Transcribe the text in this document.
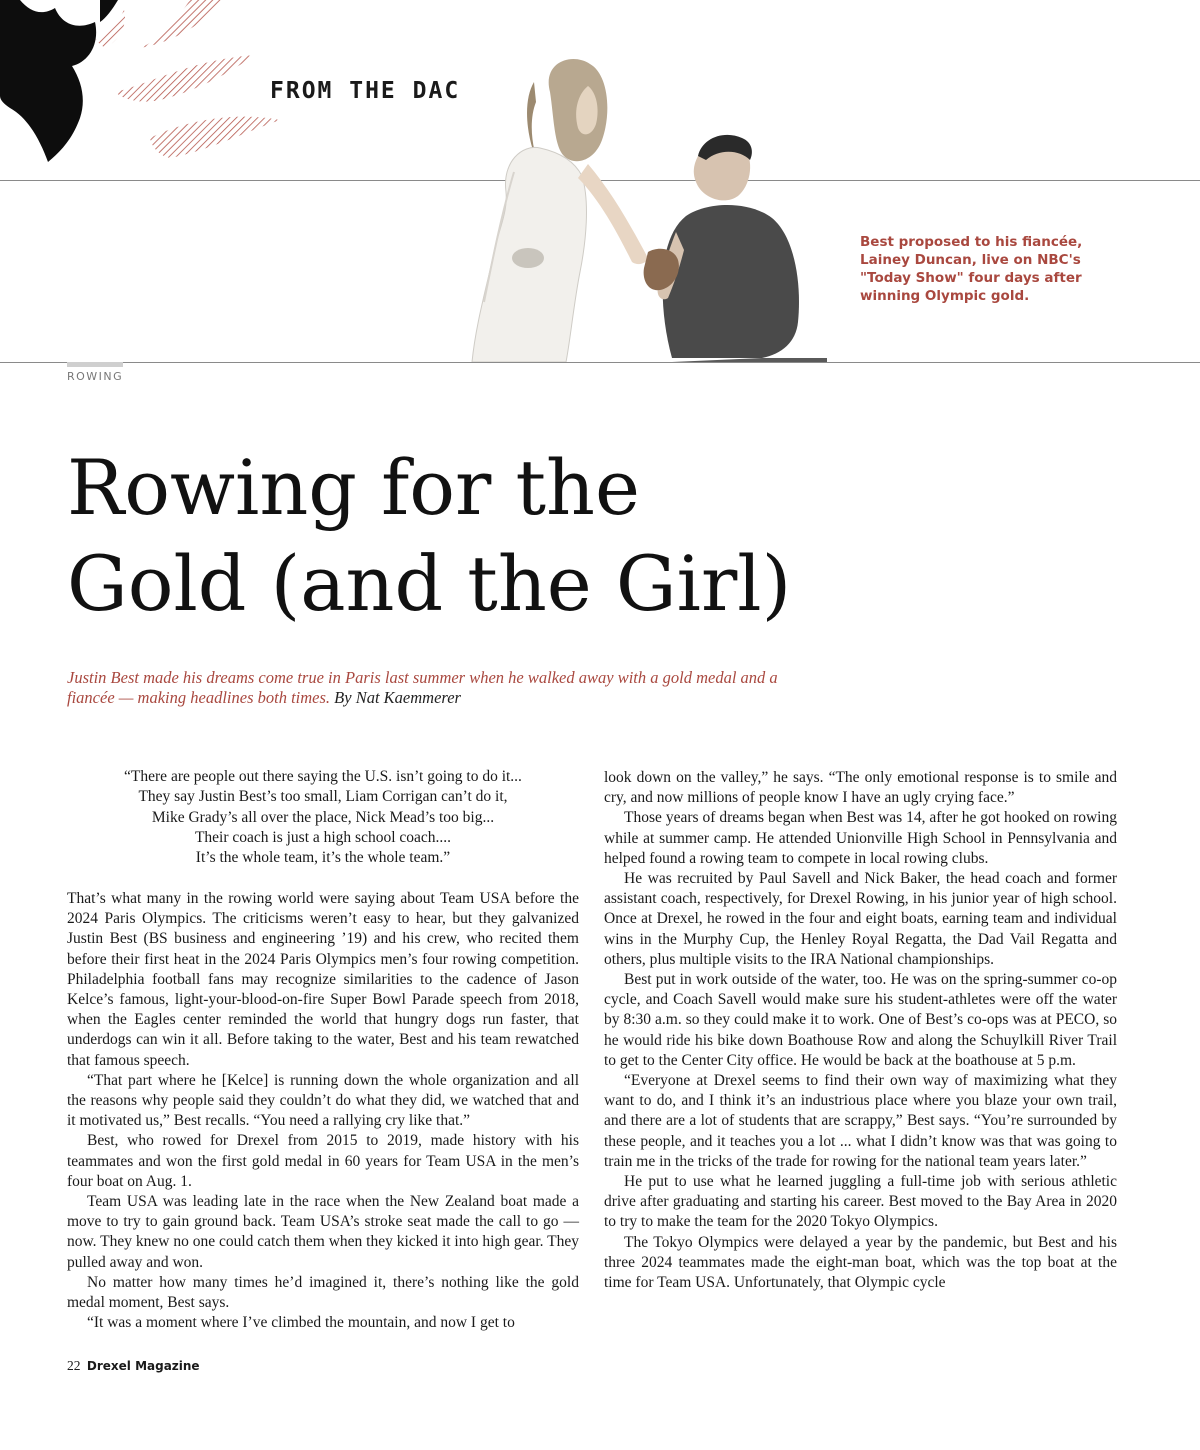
FROM THE DAC
Best proposed to his fiancée, Lainey Duncan, live on NBC's "Today Show" four days after winning Olympic gold.
ROWING
Rowing for the
Gold (and the Girl)
Justin Best made his dreams come true in Paris last summer when he walked away with a gold medal and a fiancée — making headlines both times. By Nat Kaemmerer
“There are people out there saying the U.S. isn’t going to do it...
They say Justin Best’s too small, Liam Corrigan can’t do it,
Mike Grady’s all over the place, Nick Mead’s too big...
Their coach is just a high school coach....
It’s the whole team, it’s the whole team.”

That’s what many in the rowing world were saying about Team USA before the 2024 Paris Olympics. The criticisms weren’t easy to hear, but they galvanized Justin Best (BS business and engineering ’19) and his crew, who recited them before their first heat in the 2024 Paris Olympics men’s four rowing competition. Philadelphia football fans may recognize similarities to the cadence of Jason Kelce’s famous, light-your-blood-on-fire Super Bowl Parade speech from 2018, when the Eagles center reminded the world that hungry dogs run faster, that underdogs can win it all. Before taking to the water, Best and his team rewatched that famous speech.

“That part where he [Kelce] is running down the whole organization and all the reasons why people said they couldn’t do what they did, we watched that and it motivated us,” Best recalls. “You need a rallying cry like that.”

Best, who rowed for Drexel from 2015 to 2019, made history with his teammates and won the first gold medal in 60 years for Team USA in the men’s four boat on Aug. 1.

Team USA was leading late in the race when the New Zealand boat made a move to try to gain ground back. Team USA’s stroke seat made the call to go — now. They knew no one could catch them when they kicked it into high gear. They pulled away and won.

No matter how many times he’d imagined it, there’s nothing like the gold medal moment, Best says.

“It was a moment where I’ve climbed the mountain, and now I get to

look down on the valley,” he says. “The only emotional response is to smile and cry, and now millions of people know I have an ugly crying face.”

Those years of dreams began when Best was 14, after he got hooked on rowing while at summer camp. He attended Unionville High School in Pennsylvania and helped found a rowing team to compete in local rowing clubs.

He was recruited by Paul Savell and Nick Baker, the head coach and former assistant coach, respectively, for Drexel Rowing, in his junior year of high school. Once at Drexel, he rowed in the four and eight boats, earning team and individual wins in the Murphy Cup, the Henley Royal Regatta, the Dad Vail Regatta and others, plus multiple visits to the IRA National championships.

Best put in work outside of the water, too. He was on the spring-summer co-op cycle, and Coach Savell would make sure his student-athletes were off the water by 8:30 a.m. so they could make it to work. One of Best’s co-ops was at PECO, so he would ride his bike down Boathouse Row and along the Schuylkill River Trail to get to the Center City office. He would be back at the boathouse at 5 p.m.

“Everyone at Drexel seems to find their own way of maximizing what they want to do, and I think it’s an industrious place where you blaze your own trail, and there are a lot of students that are scrappy,” Best says. “You’re surrounded by these people, and it teaches you a lot ... what I didn’t know was that was going to train me in the tricks of the trade for rowing for the national team years later.”

He put to use what he learned juggling a full-time job with serious athletic drive after graduating and starting his career. Best moved to the Bay Area in 2020 to try to make the team for the 2020 Tokyo Olympics.

The Tokyo Olympics were delayed a year by the pandemic, but Best and his three 2024 teammates made the eight-man boat, which was the top boat at the time for Team USA. Unfortunately, that Olympic cycle

22 Drexel Magazine
